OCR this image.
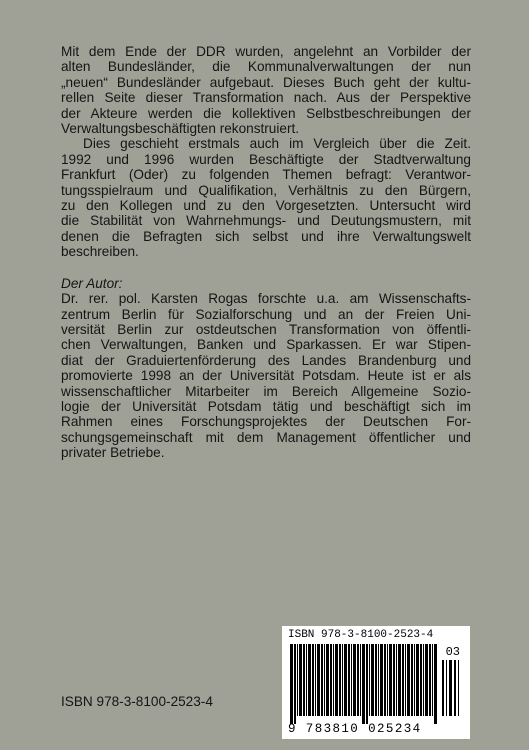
Mit dem Ende der DDR wurden, angelehnt an Vorbilder der
alten Bundesländer, die Kommunalverwaltungen der nun
„neuen“ Bundesländer aufgebaut. Dieses Buch geht der kultu-
rellen Seite dieser Transformation nach. Aus der Perspektive
der Akteure werden die kollektiven Selbstbeschreibungen der
Verwaltungsbeschäftigten rekonstruiert.

Dies geschieht erstmals auch im Vergleich über die Zeit.
1992 und 1996 wurden Beschäftigte der Stadtverwaltung
Frankfurt (Oder) zu folgenden Themen befragt: Verantwor-
tungsspielraum und Qualifikation, Verhältnis zu den Bürgern,
zu den Kollegen und zu den Vorgesetzten. Untersucht wird
die Stabilität von Wahrnehmungs- und Deutungsmustern, mit
denen die Befragten sich selbst und ihre Verwaltungswelt
beschreiben.

Der Autor:
Dr. rer. pol. Karsten Rogas forschte u.a. am Wissenschafts-
zentrum Berlin für Sozialforschung und an der Freien Uni-
versität Berlin zur ostdeutschen Transformation von öffentli-
chen Verwaltungen, Banken und Sparkassen. Er war Stipen-
diat der Graduiertenförderung des Landes Brandenburg und
promovierte 1998 an der Universität Potsdam. Heute ist er als
wissenschaftlicher Mitarbeiter im Bereich Allgemeine Sozio-
logie der Universität Potsdam tätig und beschäftigt sich im
Rahmen eines Forschungsprojektes der Deutschen For-
schungsgemeinschaft mit dem Management öffentlicher und
privater Betriebe.

ISBN 978-3-8100-2523-4
03
9 783810 025234
ISBN 978-3-8100-2523-4
